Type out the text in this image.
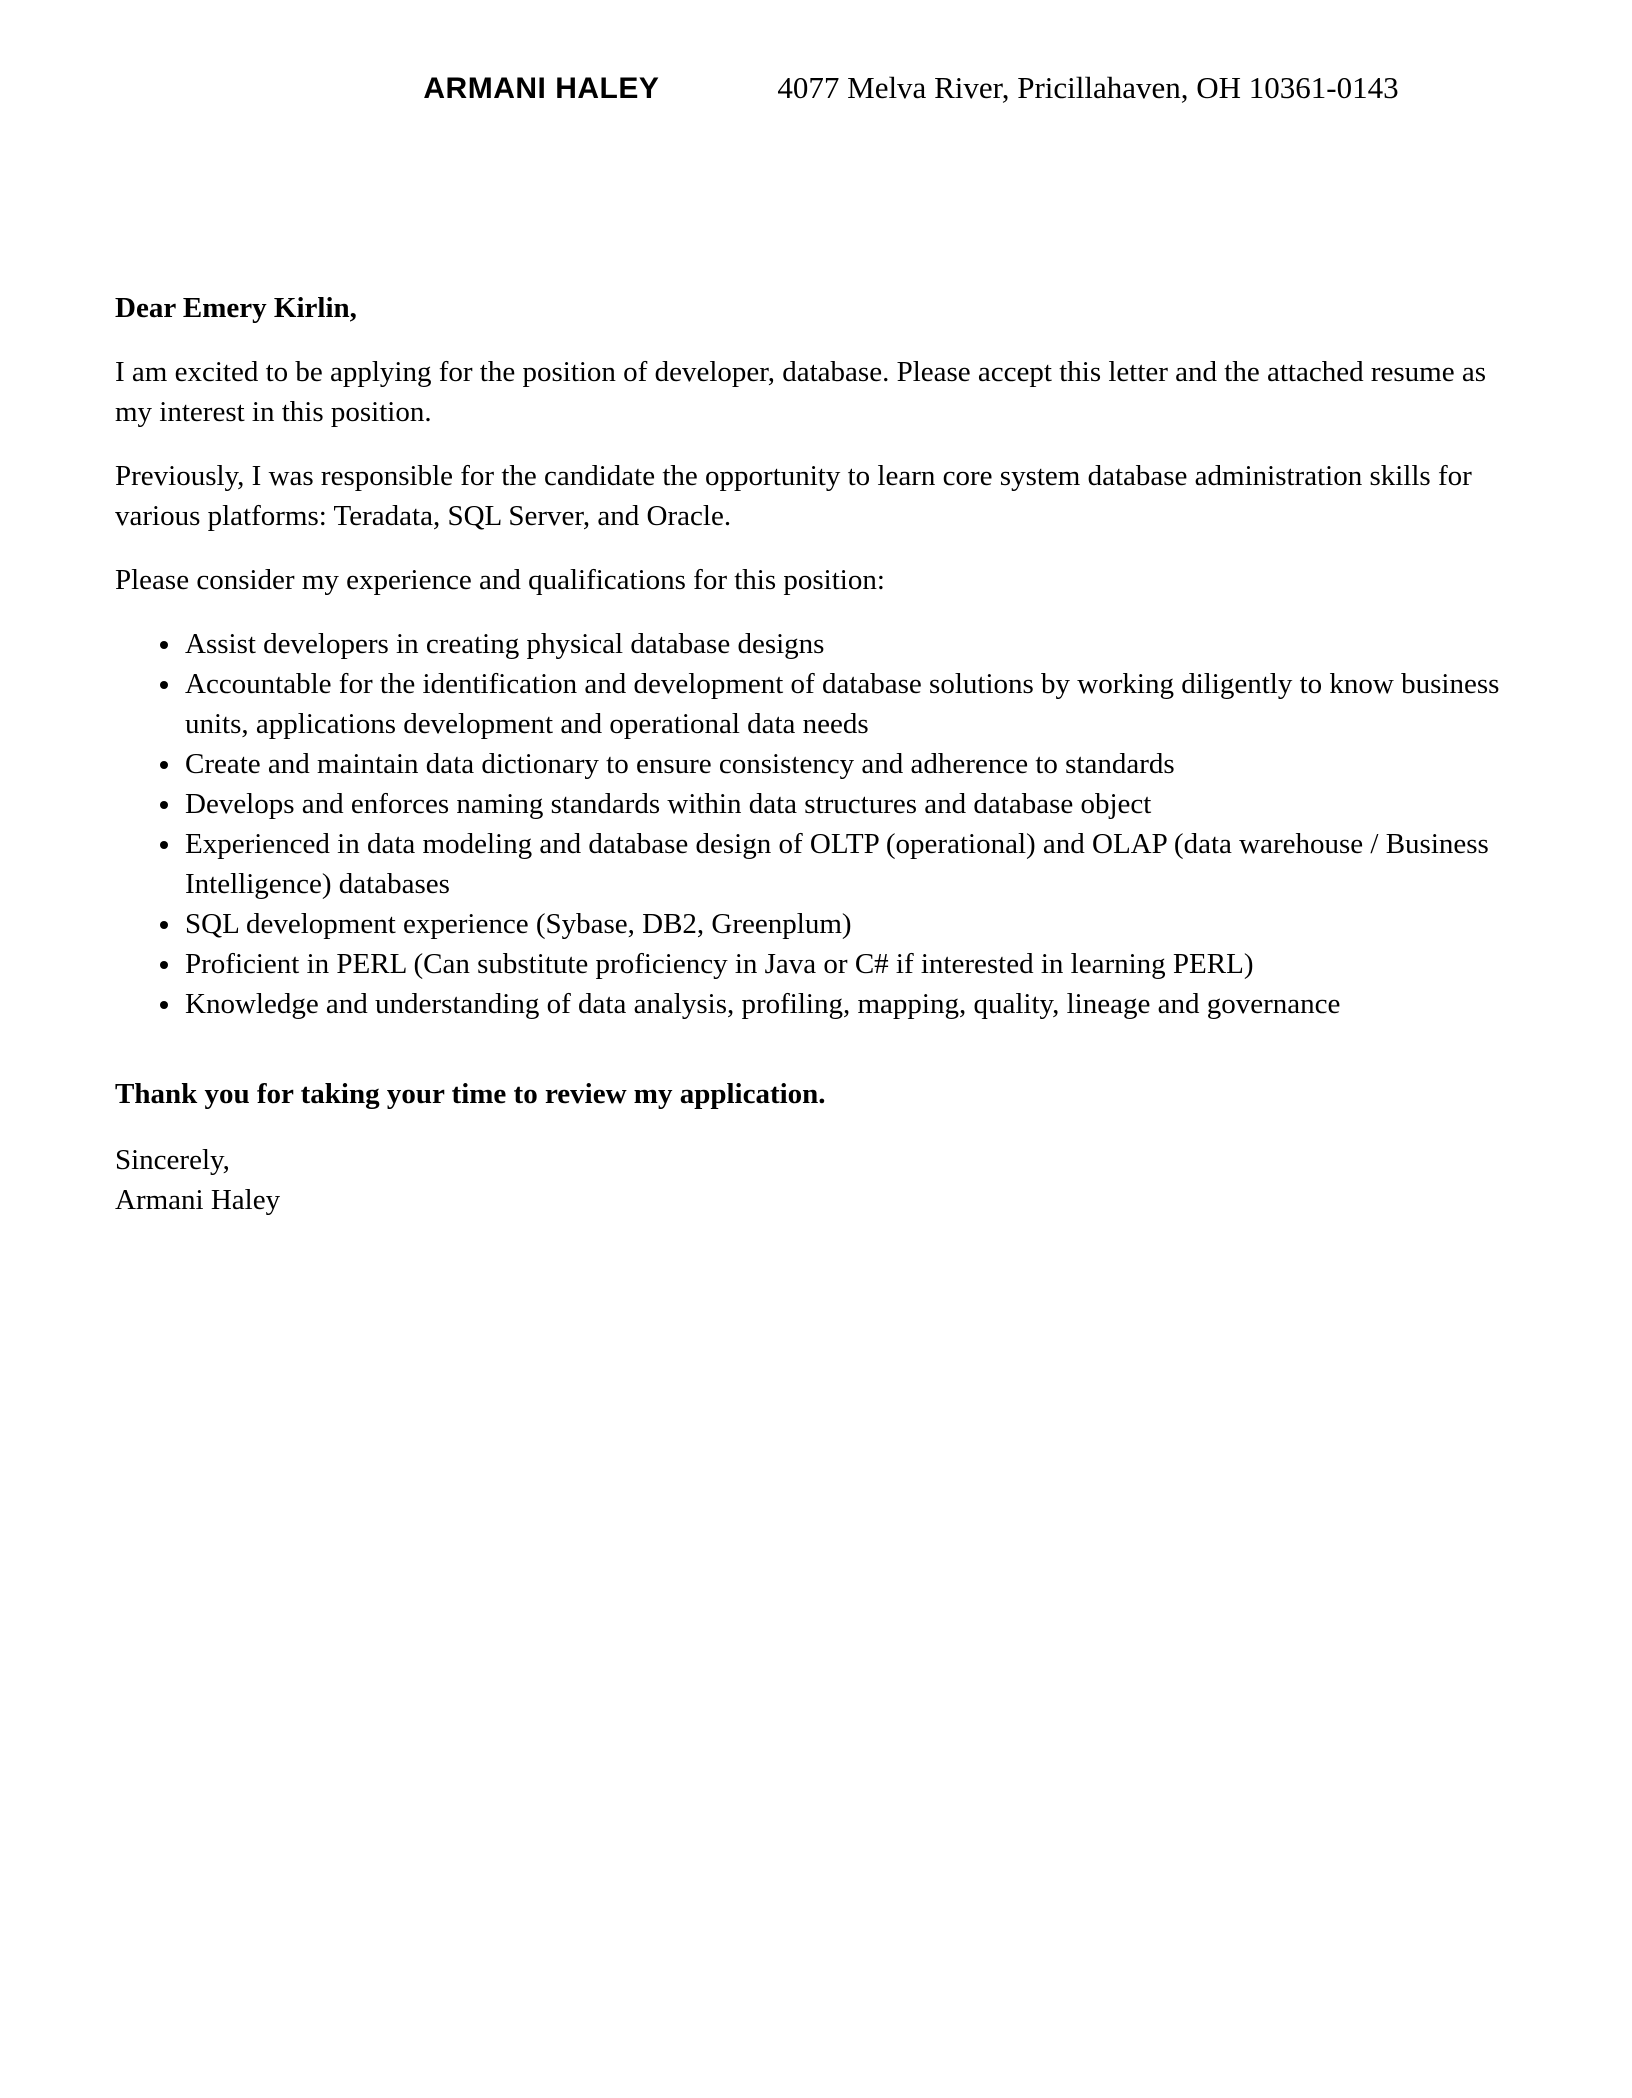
ARMANI HALEY	4077 Melva River, Pricillahaven, OH 10361-0143
Dear Emery Kirlin,

I am excited to be applying for the position of developer, database. Please accept this letter and the attached resume as my interest in this position.

Previously, I was responsible for the candidate the opportunity to learn core system database administration skills for various platforms: Teradata, SQL Server, and Oracle.

Please consider my experience and qualifications for this position:

• Assist developers in creating physical database designs
• Accountable for the identification and development of database solutions by working diligently to know business units, applications development and operational data needs
• Create and maintain data dictionary to ensure consistency and adherence to standards
• Develops and enforces naming standards within data structures and database object
• Experienced in data modeling and database design of OLTP (operational) and OLAP (data warehouse / Business Intelligence) databases
• SQL development experience (Sybase, DB2, Greenplum)
• Proficient in PERL (Can substitute proficiency in Java or C# if interested in learning PERL)
• Knowledge and understanding of data analysis, profiling, mapping, quality, lineage and governance
Thank you for taking your time to review my application.
Sincerely,
Armani Haley
